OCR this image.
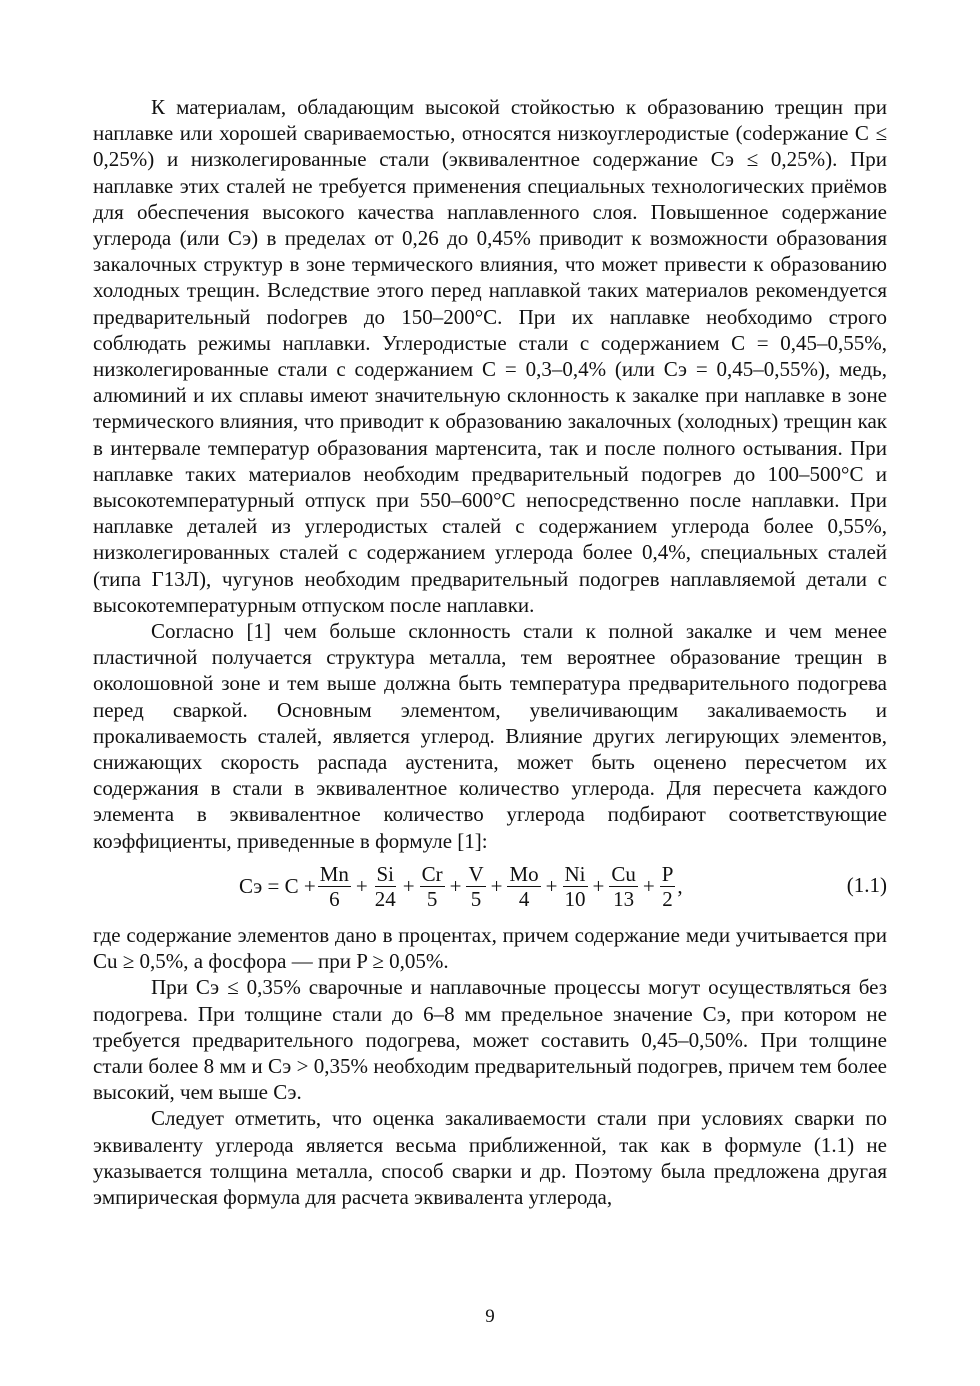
К материалам, обладающим высокой стойкостью к образованию трещин при наплавке или хорошей свариваемостью, относятся низкоуглеродистые (соdержание С ≤ 0,25%) и низколегированные стали (эквивалентное содержание Сэ ≤ 0,25%). При наплавке этих сталей не требуется применения специальных технологических приёмов для обеспечения высокого качества наплавленного слоя. Повышенное содержание углерода (или Сэ) в пределах от 0,26 до 0,45% приводит к возможности образования закалочных структур в зоне термического влияния, что может привести к образованию холодных трещин. Вследствие этого перед наплавкой таких материалов рекомендуется предварительный поdогрев до 150–200°С. При их наплавке необходимо строго соблюдать режимы наплавки. Углеродистые стали с содержанием С = 0,45–0,55%, низколегированные стали с содержанием С = 0,3–0,4% (или Сэ = 0,45–0,55%), медь, алюминий и их сплавы имеют значительную склонность к закалке при наплавке в зоне термического влияния, что приводит к образованию закалочных (холодных) трещин как в интервале температур образования мартенсита, так и после полного остывания. При наплавке таких материалов необходим предварительный подогрев до 100–500°С и высокотемпературный отпуск при 550–600°С непосредственно после наплавки. При наплавке деталей из углеродистых сталей с содержанием углерода более 0,55%, низколегированных сталей с содержанием углерода более 0,4%, специальных сталей (типа Г13Л), чугунов необходим предварительный подогрев наплавляемой детали с высокотемпературным отпуском после наплавки.

Согласно [1] чем больше склонность стали к полной закалке и чем менее пластичной получается структура металла, тем вероятнее образование трещин в околошовной зоне и тем выше должна быть температура предварительного подогрева перед сваркой. Основным элементом, увеличивающим закаливаемость и прокаливаемость сталей, является углерод. Влияние других легирующих элементов, снижающих скорость распада аустенита, может быть оценено пересчетом их содержания в стали в эквивалентное количество углерода. Для пересчета каждого элемента в эквивалентное количество углерода подбирают соответствующие коэффициенты, приведенные в формуле [1]:

Сэ = $С + \frac{Mn}{6} + \frac{Si}{24} + \frac{Cr}{5} + \frac{V}{5} + \frac{Mo}{4} + \frac{Ni}{10} + \frac{Cu}{13} + \frac{P}{2}$ ,	(1.1)

где содержание элементов дано в процентах, причем содержание меди учитывается при Cu ≥ 0,5%, а фосфора — при P ≥ 0,05%.

При Сэ ≤ 0,35% сварочные и наплавочные процессы могут осуществляться без подогрева. При толщине стали до 6–8 мм предельное значение Сэ, при котором не требуется предварительного подогрева, может составить 0,45–0,50%. При толщине стали более 8 мм и Сэ > 0,35% необходим предварительный подогрев, причем тем более высокий, чем выше Сэ.

Следует отметить, что оценка закаливаемости стали при условиях сварки по эквиваленту углерода является весьма приближенной, так как в формуле (1.1) не указывается толщина металла, способ сварки и др. Поэтому была предложена другая эмпирическая формула для расчета эквивалента углерода,

9
